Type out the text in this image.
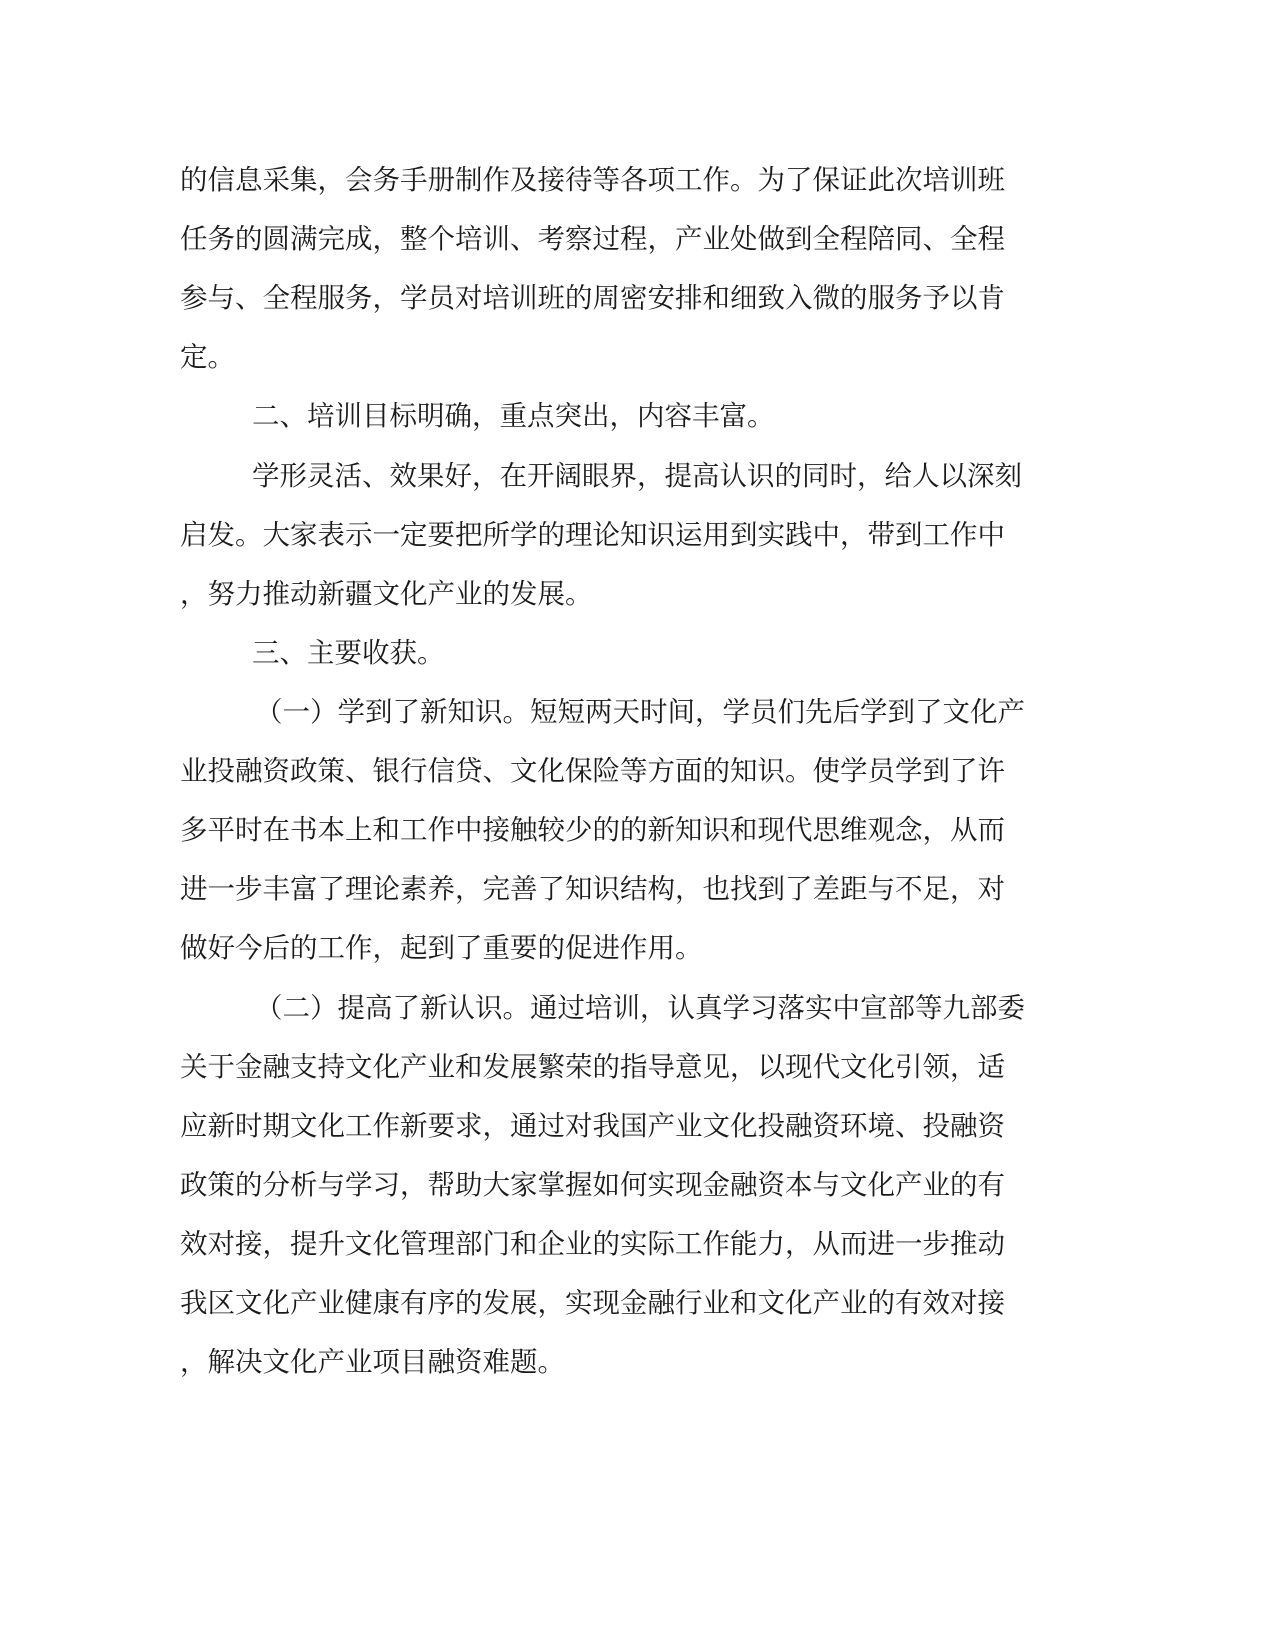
的信息采集，会务手册制作及接待等各项工作。为了保证此次培训班
任务的圆满完成，整个培训、考察过程，产业处做到全程陪同、全程
参与、全程服务，学员对培训班的周密安排和细致入微的服务予以肯
定。
二、培训目标明确，重点突出，内容丰富。
学形灵活、效果好，在开阔眼界，提高认识的同时，给人以深刻
启发。大家表示一定要把所学的理论知识运用到实践中，带到工作中
，努力推动新疆文化产业的发展。
三、主要收获。
（一）学到了新知识。短短两天时间，学员们先后学到了文化产
业投融资政策、银行信贷、文化保险等方面的知识。使学员学到了许
多平时在书本上和工作中接触较少的的新知识和现代思维观念，从而
进一步丰富了理论素养，完善了知识结构，也找到了差距与不足，对
做好今后的工作，起到了重要的促进作用。
（二）提高了新认识。通过培训，认真学习落实中宣部等九部委
关于金融支持文化产业和发展繁荣的指导意见，以现代文化引领，适
应新时期文化工作新要求，通过对我国产业文化投融资环境、投融资
政策的分析与学习，帮助大家掌握如何实现金融资本与文化产业的有
效对接，提升文化管理部门和企业的实际工作能力，从而进一步推动
我区文化产业健康有序的发展，实现金融行业和文化产业的有效对接
，解决文化产业项目融资难题。
